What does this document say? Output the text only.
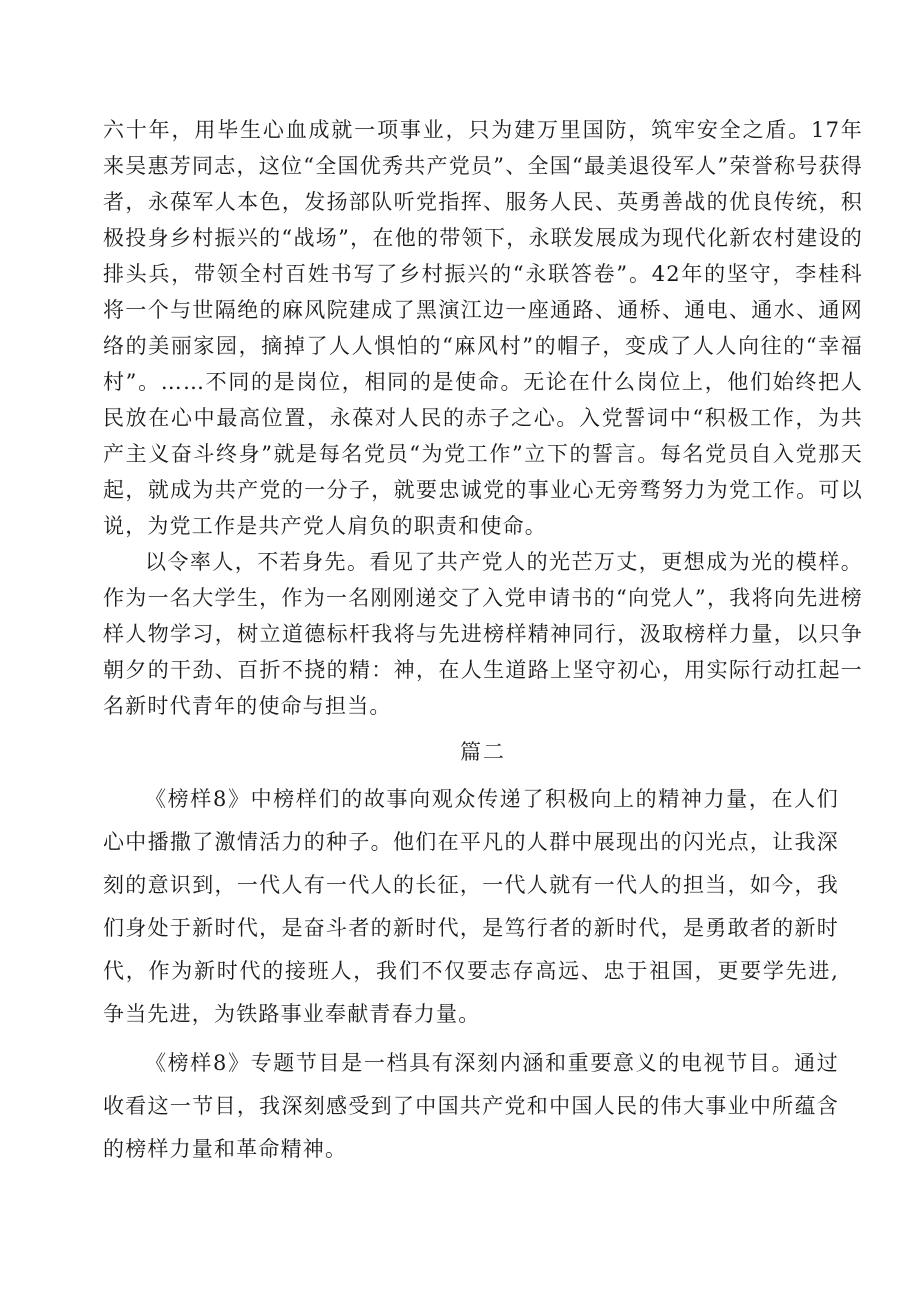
六十年，用毕生心血成就一项事业，只为建万里国防，筑牢安全之盾。17年来吴惠芳同志，这位“全国优秀共产党员”、全国“最美退役军人”荣誉称号获得者，永葆军人本色，发扬部队听党指挥、服务人民、英勇善战的优良传统，积极投身乡村振兴的“战场”，在他的带领下，永联发展成为现代化新农村建设的排头兵，带领全村百姓书写了乡村振兴的“永联答卷”。42年的坚守，李桂科将一个与世隔绝的麻风院建成了黑演江边一座通路、通桥、通电、通水、通网络的美丽家园，摘掉了人人惧怕的“麻风村”的帽子，变成了人人向往的“幸福村”。……不同的是岗位，相同的是使命。无论在什么岗位上，他们始终把人民放在心中最高位置，永葆对人民的赤子之心。入党誓词中“积极工作，为共产主义奋斗终身”就是每名党员“为党工作”立下的誓言。每名党员自入党那天起，就成为共产党的一分子，就要忠诚党的事业心无旁骛努力为党工作。可以说，为党工作是共产党人肩负的职责和使命。

以令率人，不若身先。看见了共产党人的光芒万丈，更想成为光的模样。作为一名大学生，作为一名刚刚递交了入党申请书的“向党人”，我将向先进榜样人物学习，树立道德标杆我将与先进榜样精神同行，汲取榜样力量，以只争朝夕的干劲、百折不挠的精：神，在人生道路上坚守初心，用实际行动扛起一名新时代青年的使命与担当。

篇二

《榜样8》中榜样们的故事向观众传递了积极向上的精神力量，在人们心中播撒了激情活力的种子。他们在平凡的人群中展现出的闪光点，让我深刻的意识到，一代人有一代人的长征，一代人就有一代人的担当，如今，我们身处于新时代，是奋斗者的新时代，是笃行者的新时代，是勇敢者的新时代，作为新时代的接班人，我们不仅要志存高远、忠于祖国，更要学先进,争当先进，为铁路事业奉献青春力量。

《榜样8》专题节目是一档具有深刻内涵和重要意义的电视节目。通过收看这一节目，我深刻感受到了中国共产党和中国人民的伟大事业中所蕴含的榜样力量和革命精神。
